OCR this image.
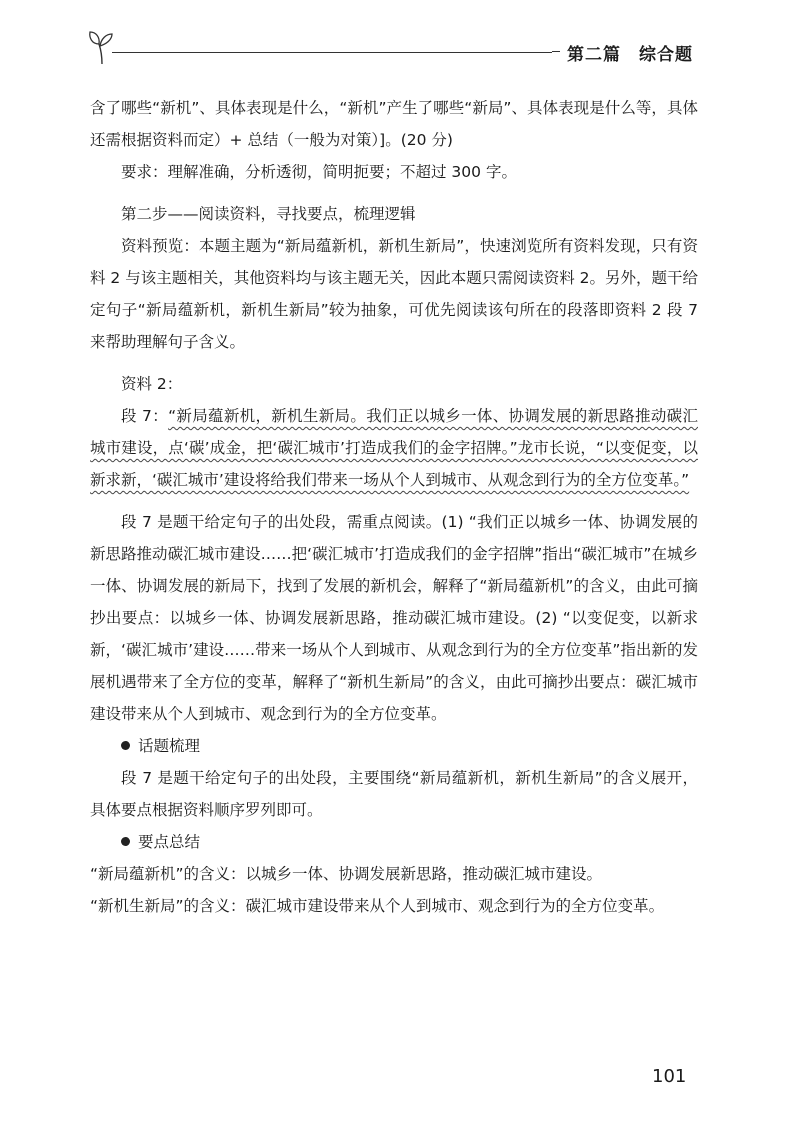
第二篇　综合题

含了哪些“新机”、具体表现是什么，“新机”产生了哪些“新局”、具体表现是什么等，具体还需根据资料而定）+ 总结（一般为对策）]。(20 分)

要求：理解准确，分析透彻，简明扼要；不超过 300 字。

第二步——阅读资料，寻找要点，梳理逻辑

资料预览：本题主题为“新局蕴新机，新机生新局”，快速浏览所有资料发现，只有资料 2 与该主题相关，其他资料均与该主题无关，因此本题只需阅读资料 2。另外，题干给定句子“新局蕴新机，新机生新局”较为抽象，可优先阅读该句所在的段落即资料 2 段 7 来帮助理解句子含义。

资料 2：

段 7：“新局蕴新机，新机生新局。我们正以城乡一体、协调发展的新思路推动碳汇城市建设，点‘碳’成金，把‘碳汇城市’打造成我们的金字招牌。”龙市长说，“以变促变，以新求新，‘碳汇城市’建设将给我们带来一场从个人到城市、从观念到行为的全方位变革。”

段 7 是题干给定句子的出处段，需重点阅读。(1) “我们正以城乡一体、协调发展的新思路推动碳汇城市建设……把‘碳汇城市’打造成我们的金字招牌”指出“碳汇城市”在城乡一体、协调发展的新局下，找到了发展的新机会，解释了“新局蕴新机”的含义，由此可摘抄出要点：以城乡一体、协调发展新思路，推动碳汇城市建设。(2) “以变促变，以新求新，‘碳汇城市’建设……带来一场从个人到城市、从观念到行为的全方位变革”指出新的发展机遇带来了全方位的变革，解释了“新机生新局”的含义，由此可摘抄出要点：碳汇城市建设带来从个人到城市、观念到行为的全方位变革。

话题梳理

段 7 是题干给定句子的出处段，主要围绕“新局蕴新机，新机生新局”的含义展开，具体要点根据资料顺序罗列即可。

要点总结

“新局蕴新机”的含义：以城乡一体、协调发展新思路，推动碳汇城市建设。

“新机生新局”的含义：碳汇城市建设带来从个人到城市、观念到行为的全方位变革。

101
